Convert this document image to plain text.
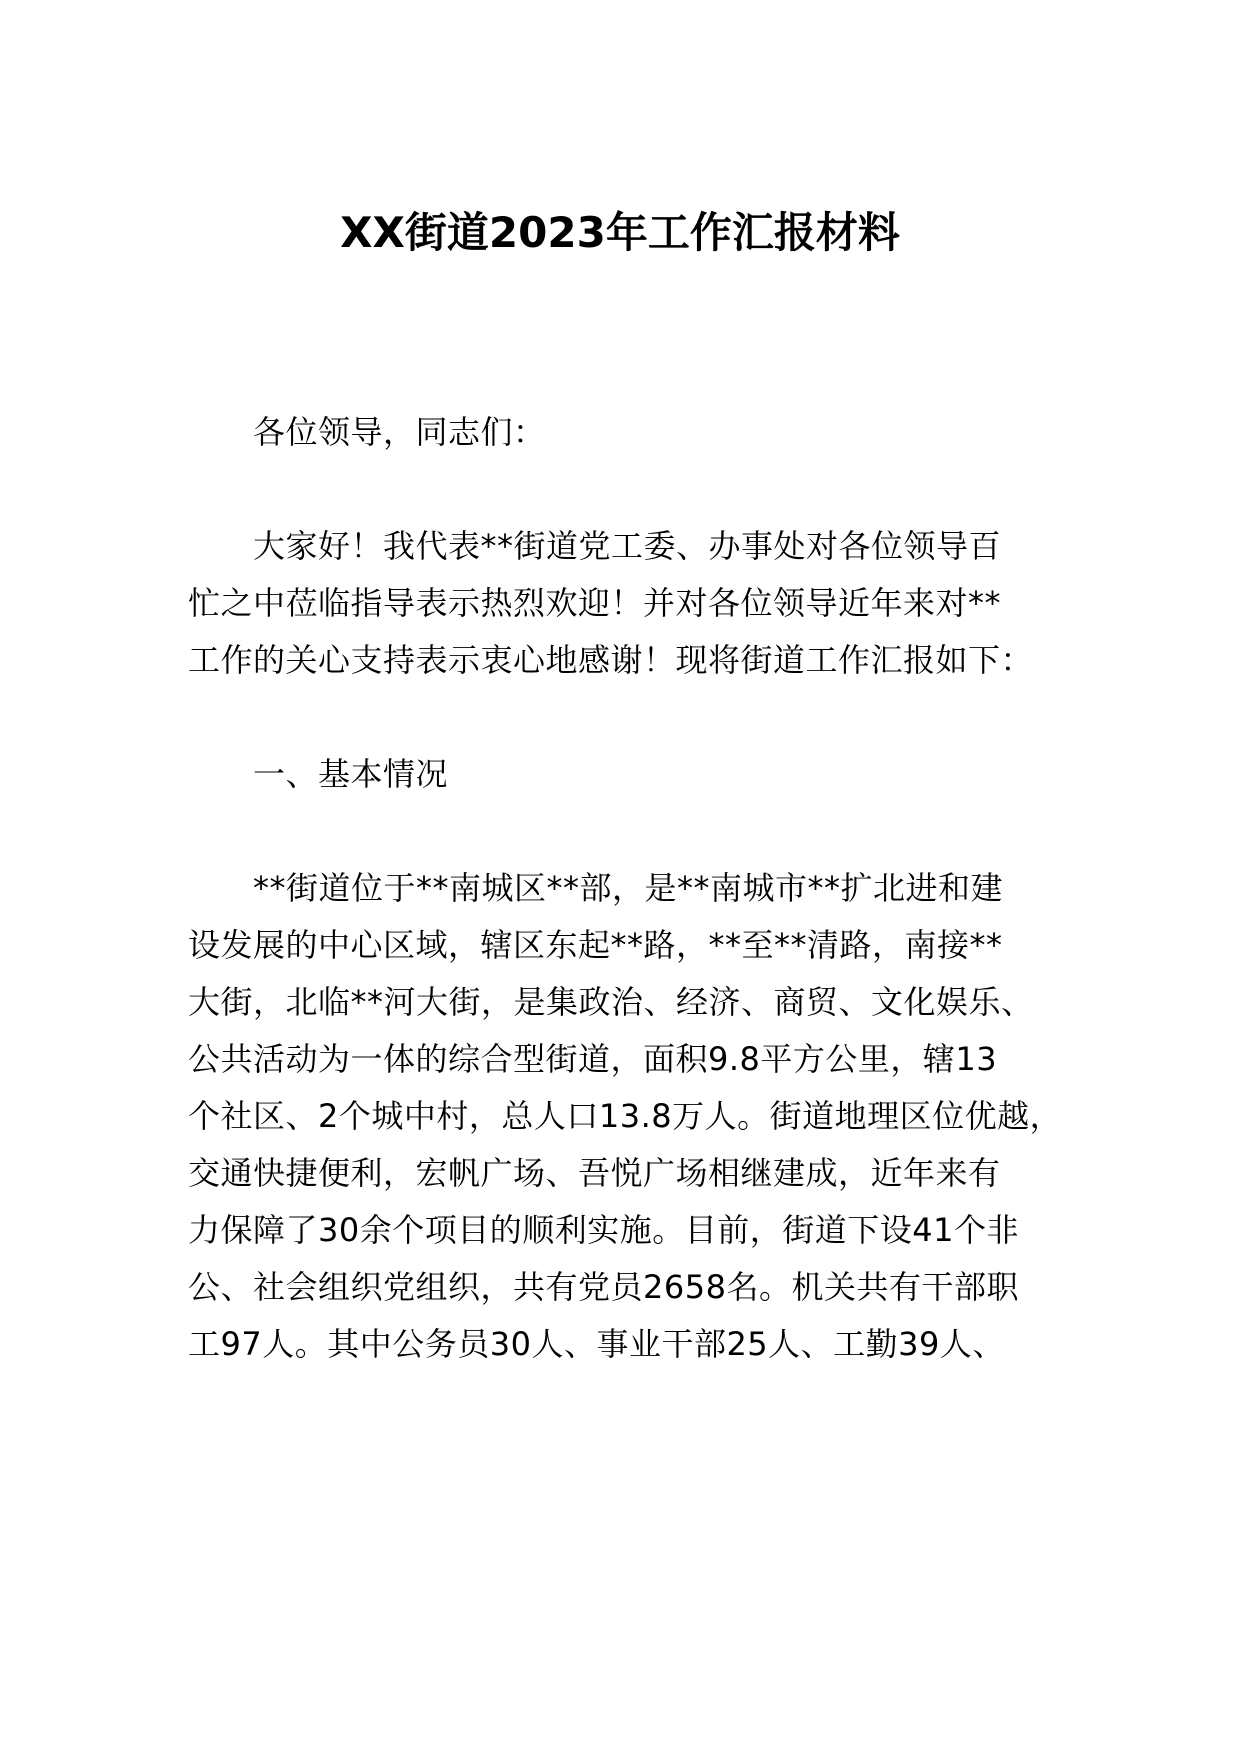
XX街道2023年工作汇报材料
各位领导，同志们：
大家好！我代表**街道党工委、办事处对各位领导百
忙之中莅临指导表示热烈欢迎！并对各位领导近年来对**
工作的关心支持表示衷心地感谢！现将街道工作汇报如下：
一、基本情况
**街道位于**南城区**部，是**南城市**扩北进和建
设发展的中心区域，辖区东起**路，**至**清路，南接**
大街，北临**河大街，是集政治、经济、商贸、文化娱乐、
公共活动为一体的综合型街道，面积9.8平方公里，辖13
个社区、2个城中村，总人口13.8万人。街道地理区位优越，
交通快捷便利，宏帆广场、吾悦广场相继建成，近年来有
力保障了30余个项目的顺利实施。目前，街道下设41个非
公、社会组织党组织，共有党员2658名。机关共有干部职
工97人。其中公务员30人、事业干部25人、工勤39人、
